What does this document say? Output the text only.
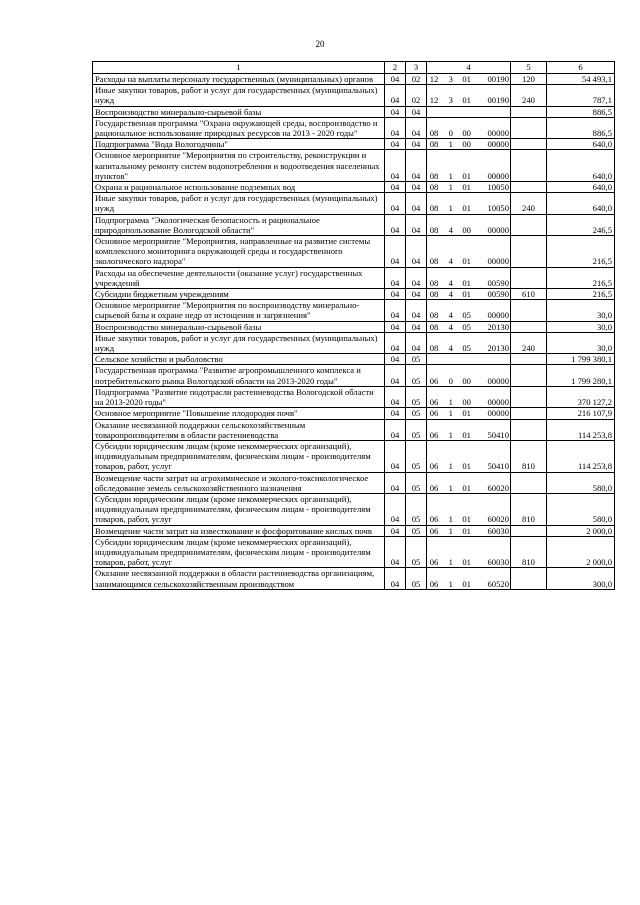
20
1	2	3	4	5	6
Расходы на выплаты персоналу государственных (муниципальных) органов	04	02	12 3 01 00190	120	54 493,1
Иные закупки товаров, работ и услуг для государственных (муниципальных) нужд	04	02	12 3 01 00190	240	787,1
Воспроизводство минерально-сырьевой базы	04	04			886,5
Государственная программа "Охрана окружающей среды, воспроизводство и рациональное использование природных ресурсов на 2013 - 2020 годы"	04	04	08 0 00 00000		886,5
Подпрограмма "Вода Вологодчины"	04	04	08 1 00 00000		640,0
Основное мероприятие "Мероприятия по строительству, реконструкции и капитальному ремонту систем водопотребления и водоотведения населенных пунктов"	04	04	08 1 01 00000		640,0
Охрана и рациональное использование подземных вод	04	04	08 1 01 10050		640,0
Иные закупки товаров, работ и услуг для государственных (муниципальных) нужд	04	04	08 1 01 10050	240	640,0
Подпрограмма "Экологическая безопасность и рациональное природопользование Вологодской области"	04	04	08 4 00 00000		246,5
Основное мероприятие "Мероприятия, направленные на развитие системы комплексного мониторинга окружающей среды и государственного экологического надзора"	04	04	08 4 01 00000		216,5
Расходы на обеспечение деятельности (оказание услуг) государственных учреждений	04	04	08 4 01 00590		216,5
Субсидии бюджетным учреждениям	04	04	08 4 01 00590	610	216,5
Основное мероприятие "Мероприятия по воспроизводству минерально-сырьевой базы и охране недр от истощения и загрязнения"	04	04	08 4 05 00000		30,0
Воспроизводство минерально-сырьевой базы	04	04	08 4 05 20130		30,0
Иные закупки товаров, работ и услуг для государственных (муниципальных) нужд	04	04	08 4 05 20130	240	30,0
Сельское хозяйство и рыболовство	04	05			1 799 380,1
Государственная программа "Развитие агропромышленного комплекса и потребительского рынка Вологодской области на 2013-2020 годы"	04	05	06 0 00 00000		1 799 280,1
Подпрограмма "Развитие подотрасли растениеводства Вологодской области на 2013-2020 годы"	04	05	06 1 00 00000		370 127,2
Основное мероприятие "Повышение плодородия почв"	04	05	06 1 01 00000		216 107,9
Оказание несвязанной поддержки сельскохозяйственным товаропроизводителям в области растениеводства	04	05	06 1 01 50410		114 253,8
Субсидии юридическим лицам (кроме некоммерческих организаций), индивидуальным предпринимателям, физическим лицам - производителям товаров, работ, услуг	04	05	06 1 01 50410	810	114 253,8
Возмещение части затрат на агрохимическое и эколого-токсикологическое обследование земель сельскохозяйственного назначения	04	05	06 1 01 60020		580,0
Субсидии юридическим лицам (кроме некоммерческих организаций), индивидуальным предпринимателям, физическим лицам - производителям товаров, работ, услуг	04	05	06 1 01 60020	810	580,0
Возмещение части затрат на известкование и фосфоритование кислых почв	04	05	06 1 01 60030		2 000,0
Субсидии юридическим лицам (кроме некоммерческих организаций), индивидуальным предпринимателям, физическим лицам - производителям товаров, работ, услуг	04	05	06 1 01 60030	810	2 000,0
Оказание несвязанной поддержки в области растениеводства организациям, занимающимся сельскохозяйственным производством	04	05	06 1 01 60520		300,0
